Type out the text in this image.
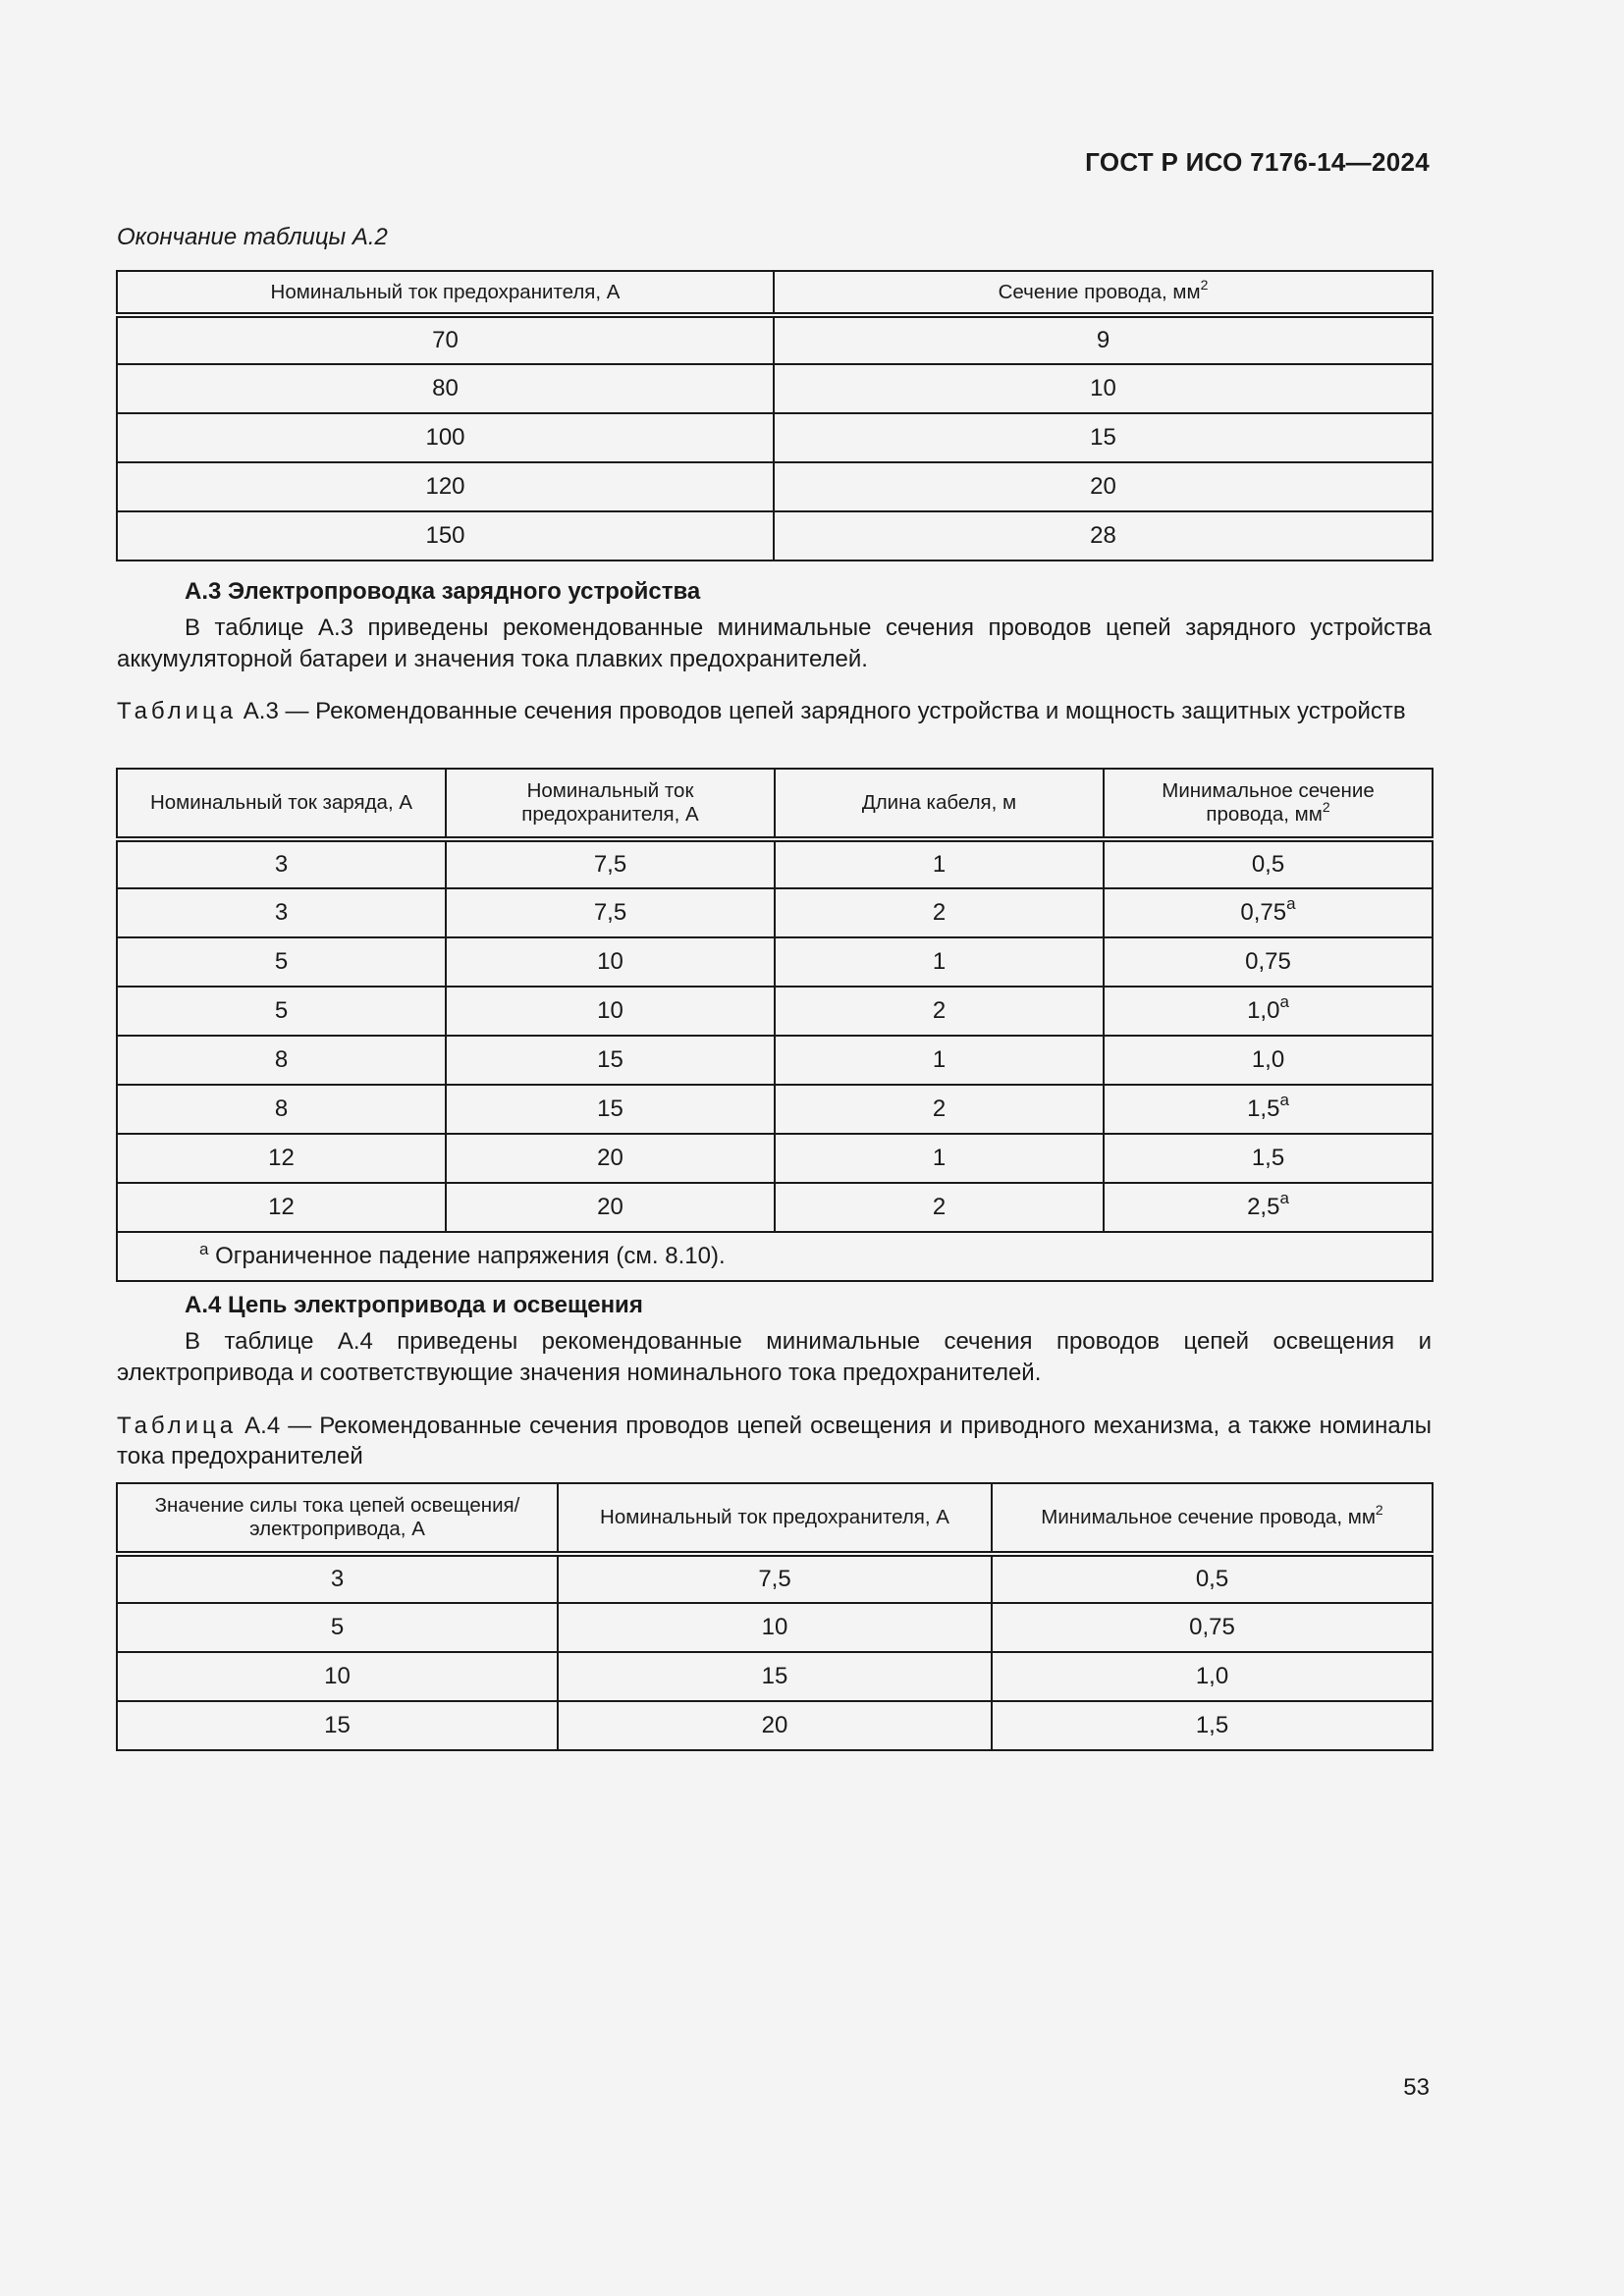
ГОСТ Р ИСО 7176-14—2024
Окончание таблицы А.2
Номинальный ток предохранителя, А	Сечение провода, $мм^2$
70	9
80	10
100	15
120	20
150	28
А.3 Электропроводка зарядного устройства
В таблице А.3 приведены рекомендованные минимальные сечения проводов цепей зарядного устройства аккумуляторной батареи и значения тока плавких предохранителей.
Таблица А.3 — Рекомендованные сечения проводов цепей зарядного устройства и мощность защитных устройств
Номинальный ток заряда, А	Номинальный ток предохранителя, А	Длина кабеля, м	Минимальное сечение провода, $мм^2$
3	7,5	1	0,5
3	7,5	2	0,75$^a$
5	10	1	0,75
5	10	2	1,0$^a$
8	15	1	1,0
8	15	2	1,5$^a$
12	20	1	1,5
12	20	2	2,5$^a$
$^a$ Ограниченное падение напряжения (см. 8.10).			
А.4 Цепь электропривода и освещения
В таблице А.4 приведены рекомендованные минимальные сечения проводов цепей освещения и электропривода и соответствующие значения номинального тока предохранителей.
Таблица А.4 — Рекомендованные сечения проводов цепей освещения и приводного механизма, а также номиналы тока предохранителей
Значение силы тока цепей освещения/ электропривода, А	Номинальный ток предохранителя, А	Минимальное сечение провода, $мм^2$
3	7,5	0,5
5	10	0,75
10	15	1,0
15	20	1,5
53
